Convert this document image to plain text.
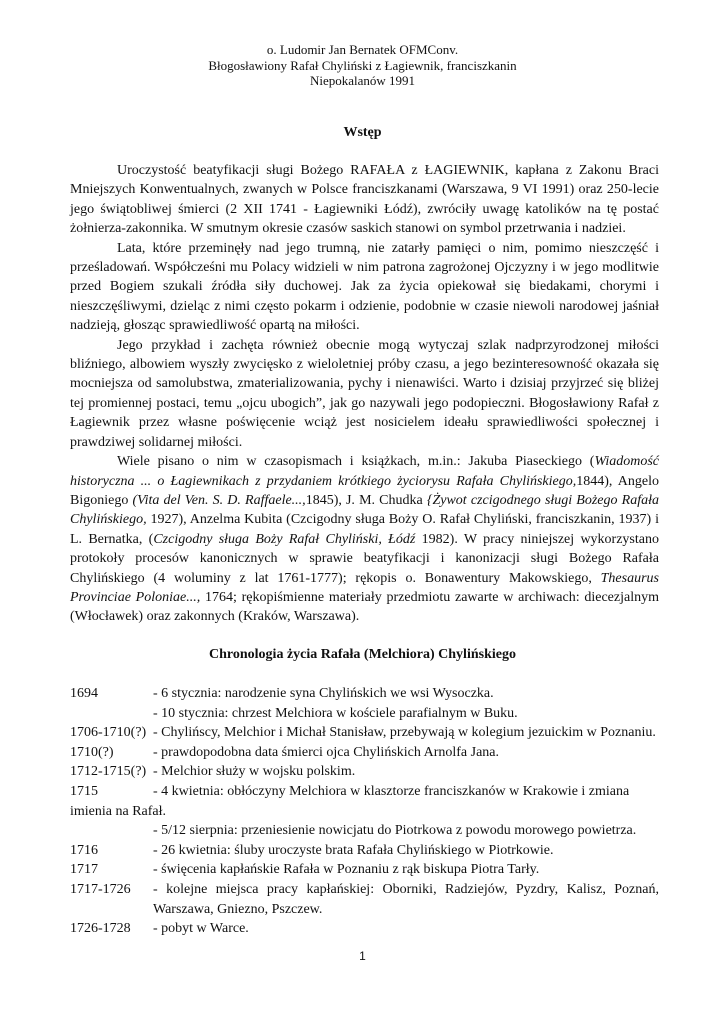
o. Ludomir Jan Bernatek OFMConv.
Błogosławiony Rafał Chyliński z Łagiewnik, franciszkanin
Niepokalanów 1991
Wstęp

Uroczystość beatyfikacji sługi Bożego RAFAŁA z ŁAGIEWNIK, kapłana z Zakonu Braci Mniejszych Konwentualnych, zwanych w Polsce franciszkanami (Warszawa, 9 VI 1991) oraz 250-lecie jego świątobliwej śmierci (2 XII 1741 - Łagiewniki Łódź), zwróciły uwagę katolików na tę postać żołnierza-zakonnika. W smutnym okresie czasów saskich stanowi on symbol przetrwania i nadziei.

Lata, które przeminęły nad jego trumną, nie zatarły pamięci o nim, pomimo nieszczęść i prześladowań. Współcześni mu Polacy widzieli w nim patrona zagrożonej Ojczyzny i w jego modlitwie przed Bogiem szukali źródła siły duchowej. Jak za życia opiekował się biedakami, chorymi i nieszczęśliwymi, dzieląc z nimi często pokarm i odzienie, podobnie w czasie niewoli narodowej jaśniał nadzieją, głosząc sprawiedliwość opartą na miłości.

Jego przykład i zachęta również obecnie mogą wytyczaj szlak nadprzyrodzonej miłości bliźniego, albowiem wyszły zwycięsko z wieloletniej próby czasu, a jego bezinteresowność okazała się mocniejsza od samolubstwa, zmaterializowania, pychy i nienawiści. Warto i dzisiaj przyjrzeć się bliżej tej promiennej postaci, temu „ojcu ubogich”, jak go nazywali jego podopieczni. Błogosławiony Rafał z Łagiewnik przez własne poświęcenie wciąż jest nosicielem ideału sprawiedliwości społecznej i prawdziwej solidarnej miłości.

Wiele pisano o nim w czasopismach i książkach, m.in.: Jakuba Piaseckiego (Wiadomość historyczna ... o Łagiewnikach z przydaniem krótkiego życiorysu Rafała Chylińskiego,1844), Angelo Bigoniego (Vita del Ven. S. D. Raffaele...,1845), J. M. Chudka {Żywot czcigodnego sługi Bożego Rafała Chylińskiego, 1927), Anzelma Kubita (Czcigodny sługa Boży O. Rafał Chyliński, franciszkanin, 1937) i L. Bernatka, (Czcigodny sługa Boży Rafał Chyliński, Łódź 1982). W pracy niniejszej wykorzystano protokoły procesów kanonicznych w sprawie beatyfikacji i kanonizacji sługi Bożego Rafała Chylińskiego (4 woluminy z lat 1761-1777); rękopis o. Bonawentury Makowskiego, Thesaurus Provinciae Poloniae..., 1764; rękopiśmienne materiały przedmiotu zawarte w archiwach: diecezjalnym (Włocławek) oraz zakonnych (Kraków, Warszawa).

Chronologia życia Rafała (Melchiora) Chylińskiego
1694	- 6 stycznia: narodzenie syna Chylińskich we wsi Wysoczka.
- 10 stycznia: chrzest Melchiora w kościele parafialnym w Buku.
1706-1710(?) - Chylińscy, Melchior i Michał Stanisław, przebywają w kolegium jezuickim w Poznaniu.
1710(?)	- prawdopodobna data śmierci ojca Chylińskich Arnolfa Jana.
1712-1715(?) - Melchior służy w wojsku polskim.
1715	- 4 kwietnia: obłóczyny Melchiora w klasztorze franciszkanów w Krakowie i zmiana
imienia na Rafał.
- 5/12 sierpnia: przeniesienie nowicjatu do Piotrkowa z powodu morowego powietrza.
1716	- 26 kwietnia: śluby uroczyste brata Rafała Chylińskiego w Piotrkowie.
1717	- święcenia kapłańskie Rafała w Poznaniu z rąk biskupa Piotra Tarły.
1717-1726	- kolejne miejsca pracy kapłańskiej: Oborniki, Radziejów, Pyzdry, Kalisz, Poznań, Warszawa, Gniezno, Pszczew.
1726-1728	- pobyt w Warce.
1
